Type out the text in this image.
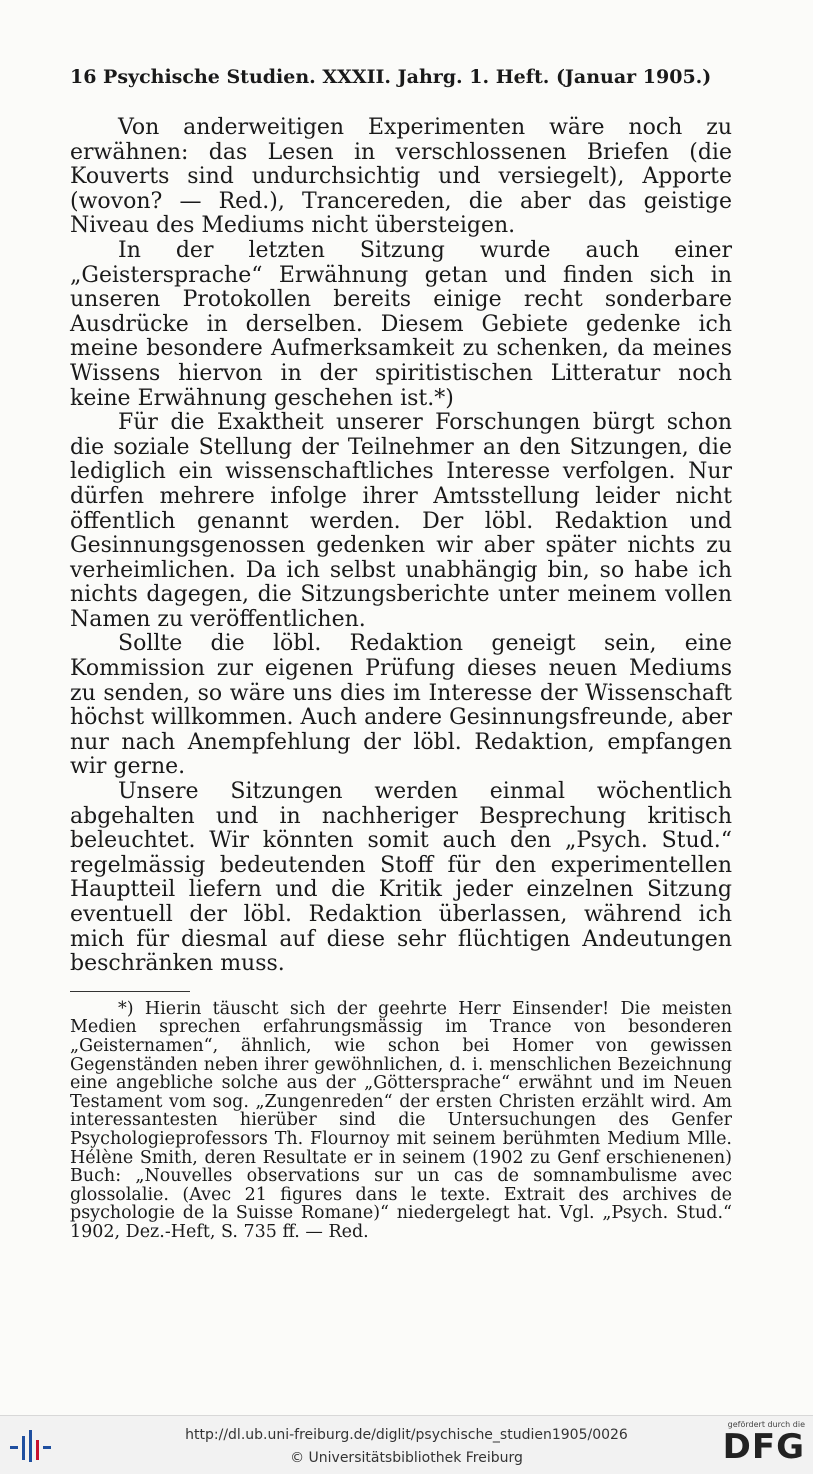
16 Psychische Studien. XXXII. Jahrg. 1. Heft. (Januar 1905.)

Von anderweitigen Experimenten wäre noch zu erwähnen: das Lesen in verschlossenen Briefen (die Kouverts sind undurchsichtig und versiegelt), Apporte (wovon? — Red.), Trancereden, die aber das geistige Niveau des Mediums nicht übersteigen.

In der letzten Sitzung wurde auch einer „Geistersprache“ Erwähnung getan und finden sich in unseren Protokollen bereits einige recht sonderbare Ausdrücke in derselben. Diesem Gebiete gedenke ich meine besondere Aufmerksamkeit zu schenken, da meines Wissens hiervon in der spiritistischen Litteratur noch keine Erwähnung geschehen ist.*)

Für die Exaktheit unserer Forschungen bürgt schon die soziale Stellung der Teilnehmer an den Sitzungen, die lediglich ein wissenschaftliches Interesse verfolgen. Nur dürfen mehrere infolge ihrer Amtsstellung leider nicht öffentlich genannt werden. Der löbl. Redaktion und Gesinnungsgenossen gedenken wir aber später nichts zu verheimlichen. Da ich selbst unabhängig bin, so habe ich nichts dagegen, die Sitzungsberichte unter meinem vollen Namen zu veröffentlichen.

Sollte die löbl. Redaktion geneigt sein, eine Kommission zur eigenen Prüfung dieses neuen Mediums zu senden, so wäre uns dies im Interesse der Wissenschaft höchst willkommen. Auch andere Gesinnungsfreunde, aber nur nach Anempfehlung der löbl. Redaktion, empfangen wir gerne.

Unsere Sitzungen werden einmal wöchentlich abgehalten und in nachheriger Besprechung kritisch beleuchtet. Wir könnten somit auch den „Psych. Stud.“ regelmässig bedeutenden Stoff für den experimentellen Hauptteil liefern und die Kritik jeder einzelnen Sitzung eventuell der löbl. Redaktion überlassen, während ich mich für diesmal auf diese sehr flüchtigen Andeutungen beschränken muss.

*) Hierin täuscht sich der geehrte Herr Einsender! Die meisten Medien sprechen erfahrungsmässig im Trance von besonderen „Geisternamen“, ähnlich, wie schon bei Homer von gewissen Gegenständen neben ihrer gewöhnlichen, d. i. menschlichen Bezeichnung eine angebliche solche aus der „Göttersprache“ erwähnt und im Neuen Testament vom sog. „Zungenreden“ der ersten Christen erzählt wird. Am interessantesten hierüber sind die Untersuchungen des Genfer Psychologieprofessors Th. Flournoy mit seinem berühmten Medium Mlle. Hélène Smith, deren Resultate er in seinem (1902 zu Genf erschienenen) Buch: „Nouvelles observations sur un cas de somnambulisme avec glossolalie. (Avec 21 figures dans le texte. Extrait des archives de psychologie de la Suisse Romane)“ niedergelegt hat. Vgl. „Psych. Stud.“ 1902, Dez.-Heft, S. 735 ff. — Red.

http://dl.ub.uni-freiburg.de/diglit/psychische_studien1905/0026
© Universitätsbibliothek Freiburg
gefördert durch die
DFG
